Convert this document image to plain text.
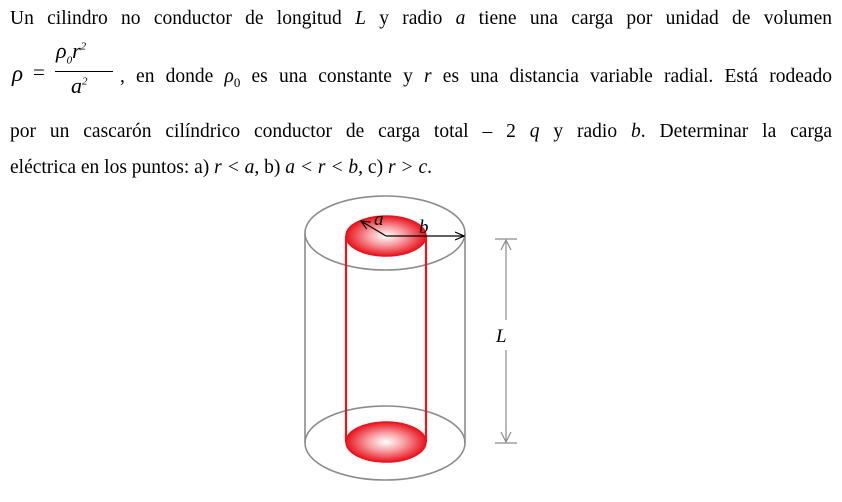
Un cilindro no conductor de longitud L y radio a tiene una carga por unidad de volumen
ρ =
$\rho_0r^2$
$a^2$ , en donde $\rho_0$ es una constante y r es una distancia variable radial. Está rodeado
por un cascarón cilíndrico conductor de carga total – 2 q y radio b. Determinar la carga
eléctrica en los puntos: a) r < a, b) a < r < b, c) r > c.
a b
L
